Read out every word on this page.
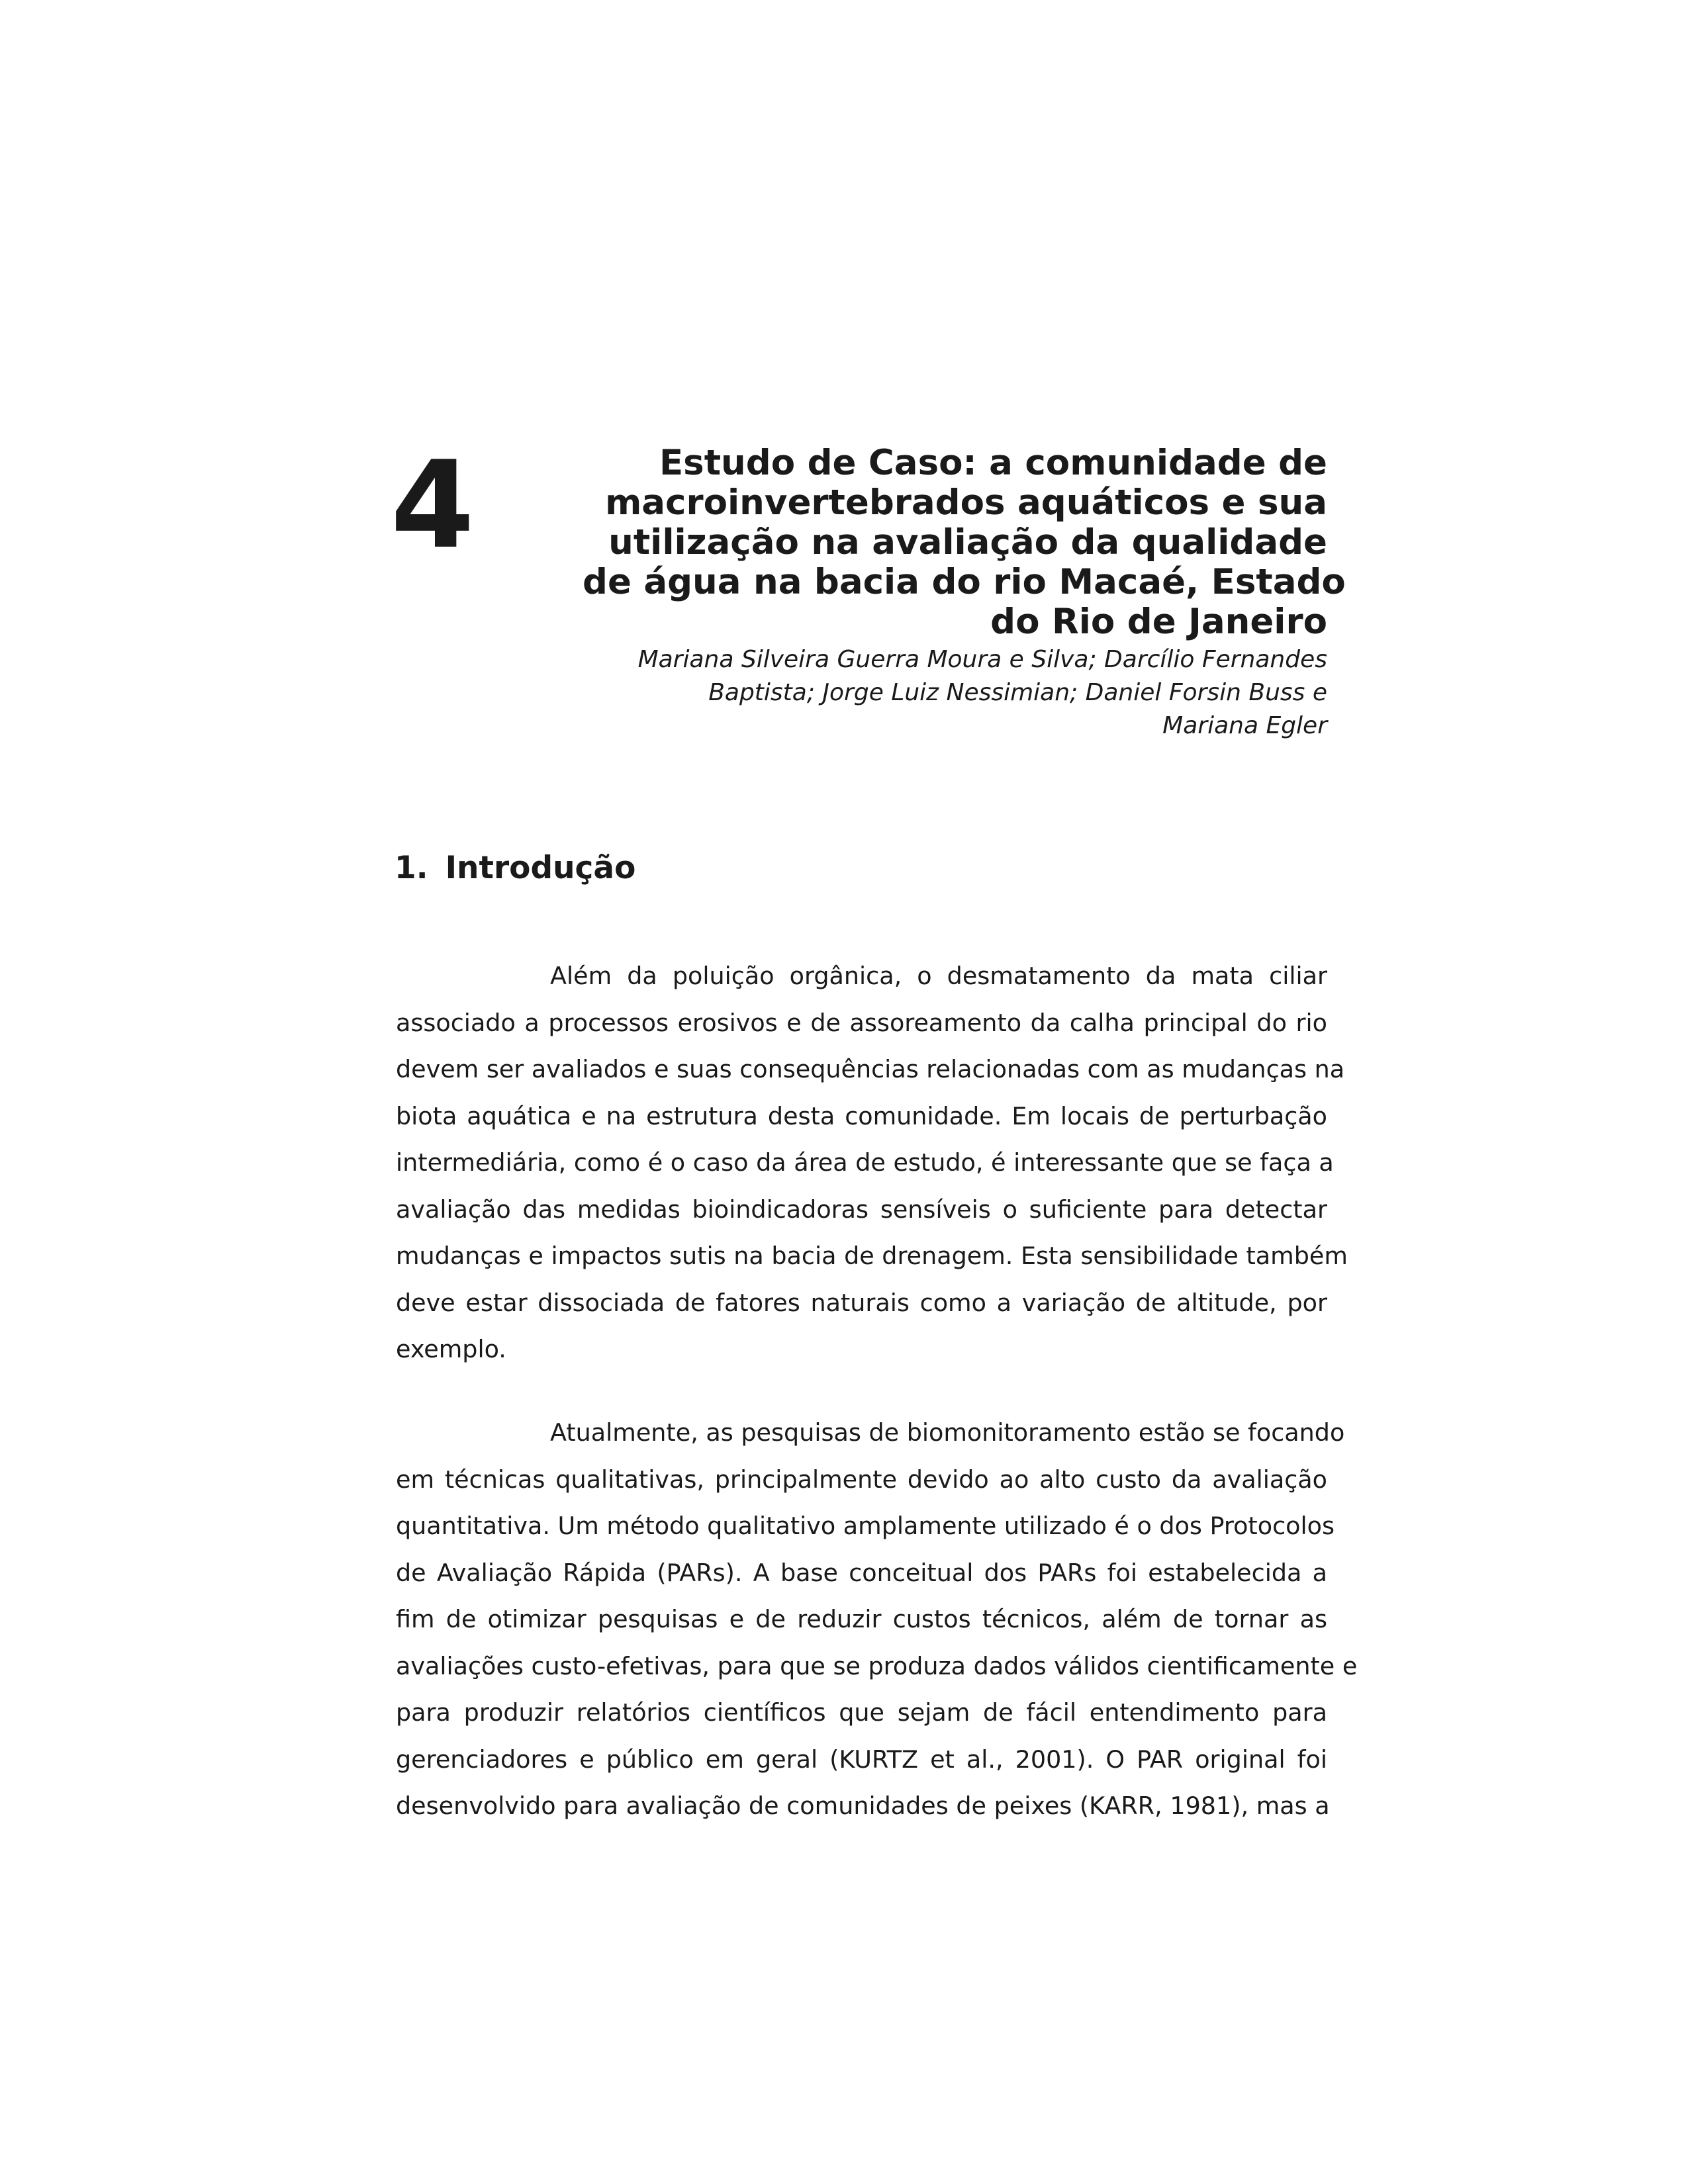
4	Estudo de Caso: a comunidade de
macroinvertebrados aquáticos e sua
utilização na avaliação da qualidade
de água na bacia do rio Macaé, Estado
do Rio de Janeiro

Mariana Silveira Guerra Moura e Silva; Darcílio Fernandes
Baptista; Jorge Luiz Nessimian; Daniel Forsin Buss e
Mariana Egler

1. Introdução

Além da poluição orgânica, o desmatamento da mata ciliar
associado a processos erosivos e de assoreamento da calha principal do rio
devem ser avaliados e suas consequências relacionadas com as mudanças na
biota aquática e na estrutura desta comunidade. Em locais de perturbação
intermediária, como é o caso da área de estudo, é interessante que se faça a
avaliação das medidas bioindicadoras sensíveis o suficiente para detectar
mudanças e impactos sutis na bacia de drenagem. Esta sensibilidade também
deve estar dissociada de fatores naturais como a variação de altitude, por
exemplo.

Atualmente, as pesquisas de biomonitoramento estão se focando
em técnicas qualitativas, principalmente devido ao alto custo da avaliação
quantitativa. Um método qualitativo amplamente utilizado é o dos Protocolos
de Avaliação Rápida (PARs). A base conceitual dos PARs foi estabelecida a
fim de otimizar pesquisas e de reduzir custos técnicos, além de tornar as
avaliações custo-efetivas, para que se produza dados válidos cientificamente e
para produzir relatórios científicos que sejam de fácil entendimento para
gerenciadores e público em geral (KURTZ et al., 2001). O PAR original foi
desenvolvido para avaliação de comunidades de peixes (KARR, 1981), mas a
